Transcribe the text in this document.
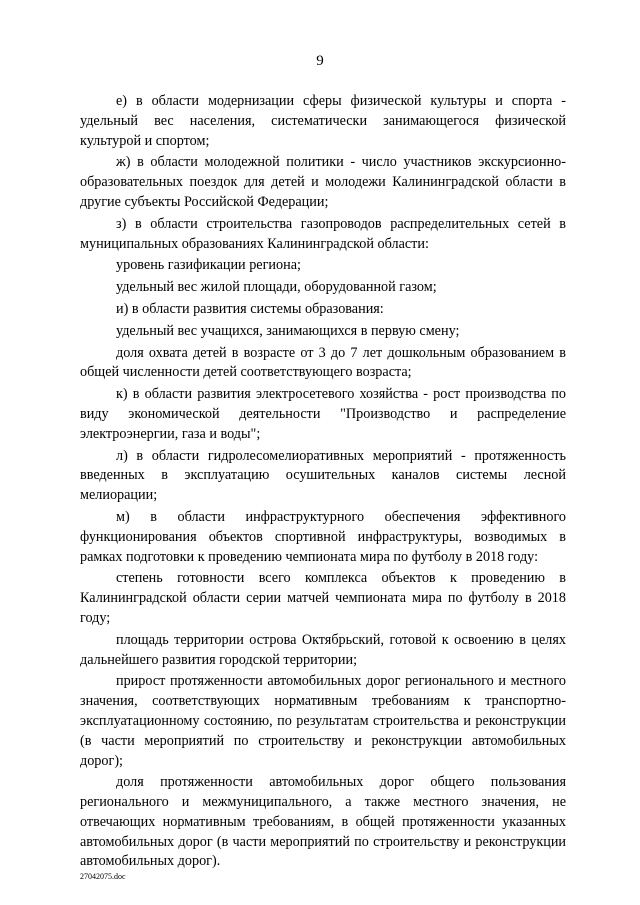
9

е) в области модернизации сферы физической культуры и спорта - удельный вес населения, систематически занимающегося физической культурой и спортом;

ж) в области молодежной политики - число участников экскурсионно-образовательных поездок для детей и молодежи Калининградской области в другие субъекты Российской Федерации;

з) в области строительства газопроводов распределительных сетей в муниципальных образованиях Калининградской области:

уровень газификации региона;

удельный вес жилой площади, оборудованной газом;

и) в области развития системы образования:

удельный вес учащихся, занимающихся в первую смену;

доля охвата детей в возрасте от 3 до 7 лет дошкольным образованием в общей численности детей соответствующего возраста;

к) в области развития электросетевого хозяйства - рост производства по виду экономической деятельности "Производство и распределение электроэнергии, газа и воды";

л) в области гидролесомелиоративных мероприятий - протяженность введенных в эксплуатацию осушительных каналов системы лесной мелиорации;

м) в области инфраструктурного обеспечения эффективного функционирования объектов спортивной инфраструктуры, возводимых в рамках подготовки к проведению чемпионата мира по футболу в 2018 году:

степень готовности всего комплекса объектов к проведению в Калининградской области серии матчей чемпионата мира по футболу в 2018 году;

площадь территории острова Октябрьский, готовой к освоению в целях дальнейшего развития городской территории;

прирост протяженности автомобильных дорог регионального и местного значения, соответствующих нормативным требованиям к транспортно-эксплуатационному состоянию, по результатам строительства и реконструкции (в части мероприятий по строительству и реконструкции автомобильных дорог);

доля протяженности автомобильных дорог общего пользования регионального и межмуниципального, а также местного значения, не отвечающих нормативным требованиям, в общей протяженности указанных автомобильных дорог (в части мероприятий по строительству и реконструкции автомобильных дорог).

27042075.doc
